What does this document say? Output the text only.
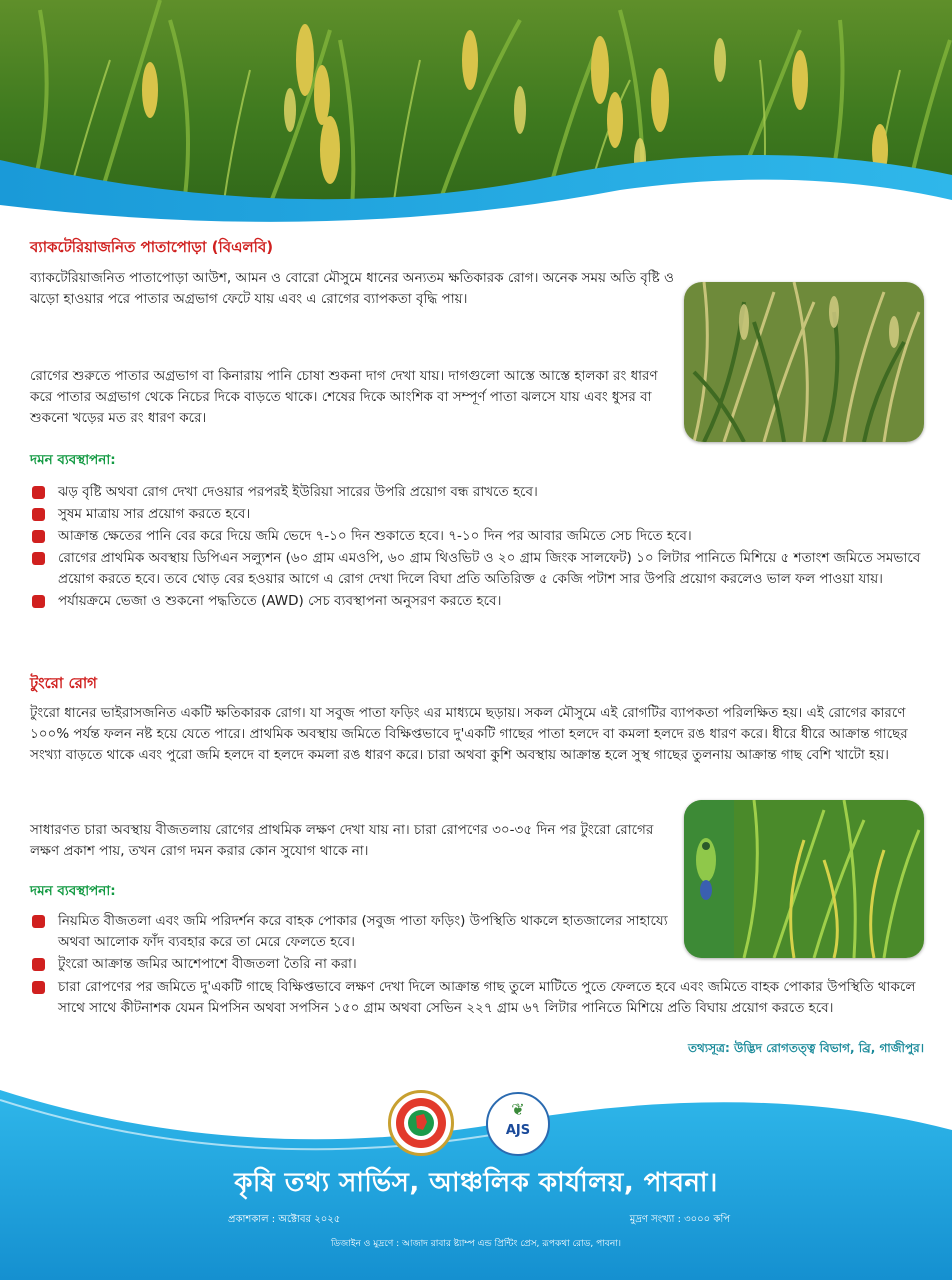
ব্যাকটেরিয়াজনিত পাতাপোড়া (বিএলবি)

ব্যাকটেরিয়াজনিত পাতাপোড়া আউশ, আমন ও বোরো মৌসুমে ধানের অন্যতম ক্ষতিকারক রোগ। অনেক সময় অতি বৃষ্টি ও ঝড়ো হাওয়ার পরে পাতার অগ্রভাগ ফেটে যায় এবং এ রোগের ব্যাপকতা বৃদ্ধি পায়।

রোগের শুরুতে পাতার অগ্রভাগ বা কিনারায় পানি চোষা শুকনা দাগ দেখা যায়। দাগগুলো আস্তে আস্তে হালকা রং ধারণ করে পাতার অগ্রভাগ থেকে নিচের দিকে বাড়তে থাকে। শেষের দিকে আংশিক বা সম্পূর্ণ পাতা ঝলসে যায় এবং ধুসর বা শুকনো খড়ের মত রং ধারণ করে।

দমন ব্যবস্থাপনা:
ঝড় বৃষ্টি অথবা রোগ দেখা দেওয়ার পরপরই ইউরিয়া সারের উপরি প্রয়োগ বন্ধ রাখতে হবে।
সুষম মাত্রায় সার প্রয়োগ করতে হবে।
আক্রান্ত ক্ষেতের পানি বের করে দিয়ে জমি ভেদে ৭-১০ দিন শুকাতে হবে। ৭-১০ দিন পর আবার জমিতে সেচ দিতে হবে।
রোগের প্রাথমিক অবস্থায় ডিপিএন সল্যুশন (৬০ গ্রাম এমওপি, ৬০ গ্রাম থিওভিট ও ২০ গ্রাম জিংক সালফেট) ১০ লিটার পানিতে মিশিয়ে ৫ শতাংশ জমিতে সমভাবে প্রয়োগ করতে হবে। তবে থোড় বের হওয়ার আগে এ রোগ দেখা দিলে বিঘা প্রতি অতিরিক্ত ৫ কেজি পটাশ সার উপরি প্রয়োগ করলেও ভাল ফল পাওয়া যায়।
পর্যায়ক্রমে ভেজা ও শুকনো পদ্ধতিতে (AWD) সেচ ব্যবস্থাপনা অনুসরণ করতে হবে।
টুংরো রোগ

টুংরো ধানের ভাইরাসজনিত একটি ক্ষতিকারক রোগ। যা সবুজ পাতা ফড়িং এর মাধ্যমে ছড়ায়। সকল মৌসুমে এই রোগটির ব্যাপকতা পরিলক্ষিত হয়। এই রোগের কারণে ১০০% পর্যন্ত ফলন নষ্ট হয়ে যেতে পারে। প্রাথমিক অবস্থায় জমিতে বিক্ষিপ্তভাবে দু'একটি গাছের পাতা হলদে বা কমলা হলদে রঙ ধারণ করে। ধীরে ধীরে আক্রান্ত গাছের সংখ্যা বাড়তে থাকে এবং পুরো জমি হলদে বা হলদে কমলা রঙ ধারণ করে। চারা অথবা কুশি অবস্থায় আক্রান্ত হলে সুস্থ গাছের তুলনায় আক্রান্ত গাছ বেশি খাটো হয়।

সাধারণত চারা অবস্থায় বীজতলায় রোগের প্রাথমিক লক্ষণ দেখা যায় না। চারা রোপণের ৩০-৩৫ দিন পর টুংরো রোগের লক্ষণ প্রকাশ পায়, তখন রোগ দমন করার কোন সুযোগ থাকে না।

দমন ব্যবস্থাপনা:
নিয়মিত বীজতলা এবং জমি পরিদর্শন করে বাহক পোকার (সবুজ পাতা ফড়িং) উপস্থিতি থাকলে হাতজালের সাহায্যে অথবা আলোক ফাঁদ ব্যবহার করে তা মেরে ফেলতে হবে।
টুংরো আক্রান্ত জমির আশেপাশে বীজতলা তৈরি না করা।
চারা রোপণের পর জমিতে দু'একটি গাছে বিক্ষিপ্তভাবে লক্ষণ দেখা দিলে আক্রান্ত গাছ তুলে মাটিতে পুতে ফেলতে হবে এবং জমিতে বাহক পোকার উপস্থিতি থাকলে সাথে সাথে কীটনাশক যেমন মিপসিন অথবা সপসিন ১৫০ গ্রাম অথবা সেভিন ২২৭ গ্রাম ৬৭ লিটার পানিতে মিশিয়ে প্রতি বিঘায় প্রয়োগ করতে হবে।
তথ্যসূত্র: উদ্ভিদ রোগতত্ত্ব বিভাগ, ব্রি, গাজীপুর।
❦
AJS
কৃষি তথ্য সার্ভিস, আঞ্চলিক কার্যালয়, পাবনা।
প্রকাশকাল : অক্টোবর ২০২৫	মুদ্রণ সংখ্যা : ৩০০০ কপি
ডিজাইন ও মুদ্রণে : আজাদ রাবার ষ্ট্যাম্প এন্ড প্রিন্টিং প্রেস, রূপকথা রোড, পাবনা।
